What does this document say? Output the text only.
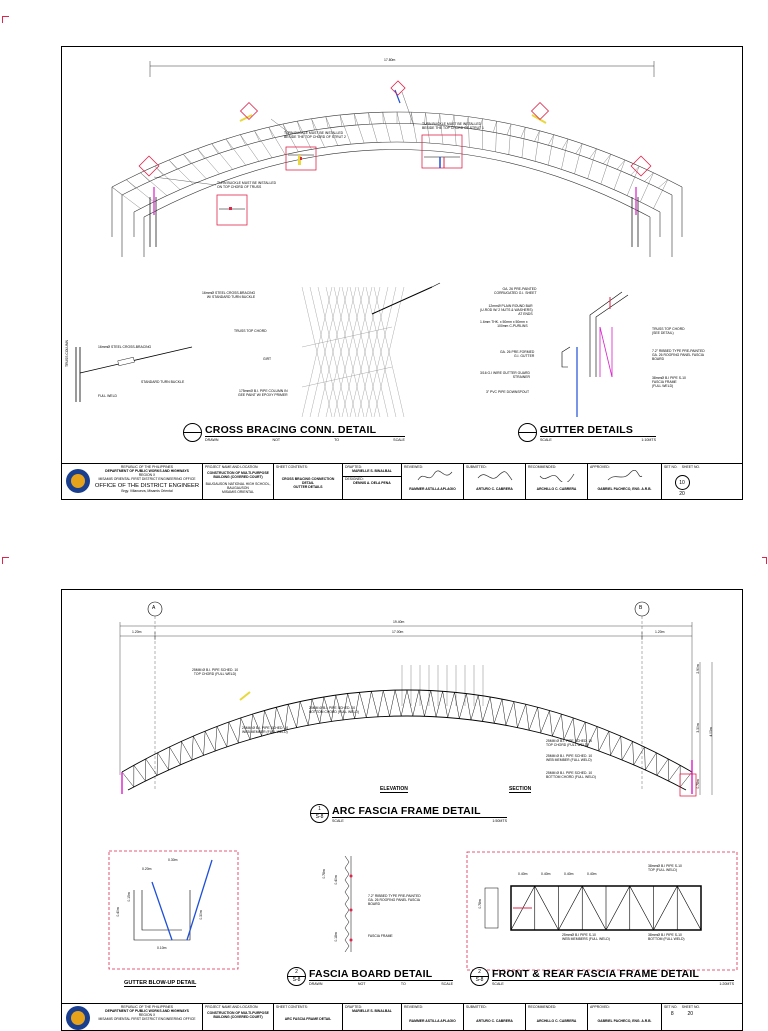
17.80m
TURN BUCKLE MUST BE INSTALLED
BESIDE THE TOP CHORD OF STRUT 2
TURN BUCKLE MUST BE INSTALLED
BESIDE THE TOP CHORD OF STRUT 1
TURN BUCKLE MUST BE INSTALLED
ON TOP CHORD OF TRUSS
16mmØ STEEL CROSS-BRACING
W/ STANDARD TURN BUCKLE
TRUSS TOP CHORD
GIRT
175mmØ B.I. PIPE COLUMN IN
GEE PAINT W/ EPOXY PRIMER
16mmØ STEEL CROSS-BRACING
STANDARD TURN BUCKLE
FULL WELD
TRUSS COLUMN
GA. 26 PRE-PAINTED
CORRUGATED G.I. SHEET
12mmØ PLAIN ROUND BAR
(U-ROD W/ 2 NUTS & WASHERS)
AT ENDS
1.6mm THK. x 50mm x 50mm x
100mm C-PURLINS
GA. 26 PRE-FORMED
G.I. GUTTER
3/16 G.I WIRE GUTTER GUARD
STRAINER
3" PVC PIPE DOWNSPOUT
TRUSS TOP CHORD
(SEE DETAIL)
7.2" RIBBED TYPE PRE-PAINTED
GA. 26 ROOFING PANEL FASCIA
BOARD
38mmØ B.I PIPE S-10
FASCIA FRAME
(FULL WELD)
CROSS BRACING CONN. DETAIL
DRAWN	NOT	TO	SCALE
GUTTER DETAILS
SCALE	1:10MTS
REPUBLIC OF THE PHILIPPINES
DEPARTMENT OF PUBLIC WORKS AND HIGHWAYS
REGION X
MISAMIS ORIENTAL FIRST DISTRICT ENGINEERING OFFICE
OFFICE OF THE DISTRICT ENGINEER
Brgy. Villanueva, Misamis Oriental
PROJECT NAME AND LOCATION:
CONSTRUCTION OF MULTI-PURPOSE
BUILDING (COVERED COURT)
BAUGAUSON NATIONAL HIGH SCHOOL, BAUGAUSON
MISAMIS ORIENTAL
SHEET CONTENTS:
CROSS BRACING CONNECTION DETAIL
GUTTER DETAILS
DRAFTED:
MARIELLE S. BINALBAL
DESIGNED:
DENNIS A. DELA PENA
REVIEWED:
RAMMER ASTILLA APLAGIO
SUBMITTED:
ARTURO C. CABRERA
RECOMMENDED:
ARCHILLO C. CABRERA
APPROVED:
GABRIEL PACHECO, ENG. A.R.B.
SET NO. SHEET NO.
10
20
A	B
19.40m
1.20m	17.00m	1.20m
2.90m
3.30m	4.03m
0.78m
25MM Ø B.I. PIPE SCHED. 10
TOP CHORD (FULL WELD)
25MM Ø B.I. PIPE SCHED. 10
BOTTOM CHORD (FULL WELD)
25MM Ø B.I. PIPE SCHED. 10
WEB MEMBER (FULL WELD)
25MM Ø B.I. PIPE SCHED. 10
TOP CHORD (FULL WELD)
25MM Ø B.I. PIPE SCHED. 10
WEB MEMBER (FULL WELD)
25MM Ø B.I. PIPE SCHED. 10
BOTTOM CHORD (FULL WELD)
ELEVATION	SECTION
1
S-8 ARC FASCIA FRAME DETAIL
SCALE	1:50MTS
0.30m
0.20m
0.15m
0.40m
0.10m
0.30m
GUTTER BLOW-UP DETAIL
0.78m
0.40m
0.18m
7.2" RIBBED TYPE PRE-PAINTED
GA. 26 ROOFING PANEL FASCIA
BOARD
FASCIA FRAME
2
S-8 FASCIA BOARD DETAIL
DRAWN	NOT	TO	SCALE
0.40m	0.40m	0.40m	0.40m
0.78m
38mmØ B.I PIPE S-10
TOP (FULL WELD)
25mmØ B.I PIPE S-10
WEB MEMBERS (FULL WELD)
38mmØ B.I PIPE S-10
BOTTOM (FULL WELD)
2
S-8 FRONT & REAR FASCIA FRAME DETAIL
SCALE	1:20MTS
REPUBLIC OF THE PHILIPPINES
DEPARTMENT OF PUBLIC WORKS AND HIGHWAYS
REGION X
MISAMIS ORIENTAL FIRST DISTRICT ENGINEERING OFFICE
PROJECT NAME AND LOCATION:
CONSTRUCTION OF MULTI-PURPOSE
BUILDING (COVERED COURT)
SHEET CONTENTS:
ARC FASCIA FRAME DETAIL
DRAFTED:
MARIELLE S. BINALBAL
REVIEWED:
RAMMER ASTILLA APLAGIO
SUBMITTED:
ARTURO C. CABRERA
RECOMMENDED:
ARCHILLO C. CABRERA
APPROVED:
GABRIEL PACHECO, ENG. A.R.B.
SET NO. SHEET NO.
8	20
